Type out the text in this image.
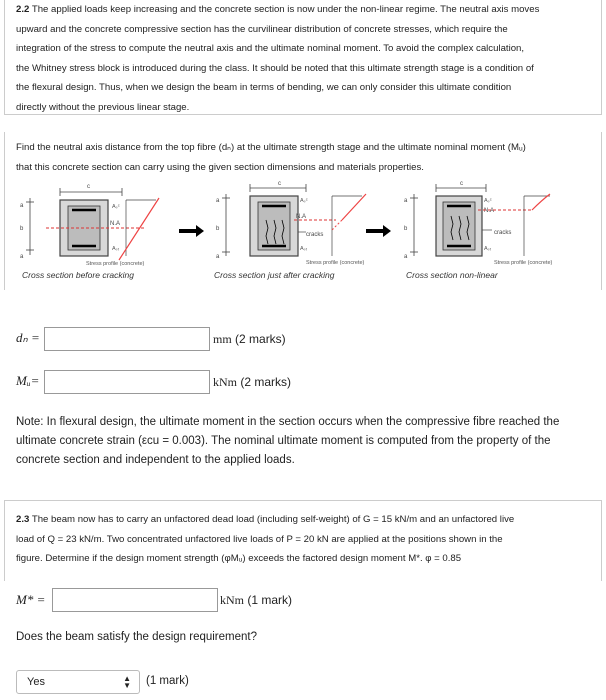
2.2 The applied loads keep increasing and the concrete section is now under the non-linear regime. The neutral axis moves
upward and the concrete compressive section has the curvilinear distribution of concrete stresses, which require the
integration of the stress to compute the neutral axis and the ultimate nominal moment. To avoid the complex calculation,
the Whitney stress block is introduced during the class. It should be noted that this ultimate strength stage is a condition of
the flexural design. Thus, when we design the beam in terms of bending, we can only consider this ultimate condition
directly without the previous linear stage.
Find the neutral axis distance from the top fibre (dₙ) at the ultimate strength stage and the ultimate nominal moment (Mᵤ)
that this concrete section can carry using the given section dimensions and materials properties.
c
a
b
a
Aₛᶜ
Aₛₜ
N.A
Stress profile (concrete)
Cross section before cracking
c
a
b
a
Aₛᶜ
Aₛₜ
N.A
cracks
Stress profile (concrete)
Cross section just after cracking
c
a
b
a
Aₛᶜ
Aₛₜ
N.A
cracks
Stress profile (concrete)
Cross section non-linear
dₙ =	mm (2 marks)
Mᵤ=	kNm (2 marks)
Note: In flexural design, the ultimate moment in the section occurs when the compressive fibre reached the
ultimate concrete strain (εcu = 0.003). The nominal ultimate moment is computed from the property of the
concrete section and independent to the applied loads.
2.3 The beam now has to carry an unfactored dead load (including self-weight) of G = 15 kN/m and an unfactored live
load of Q = 23 kN/m. Two concentrated unfactored live loads of P = 20 kN are applied at the positions shown in the
figure. Determine if the design moment strength (φMᵤ) exceeds the factored design moment M*. φ = 0.85
M* =	kNm (1 mark)
Does the beam satisfy the design requirement?
Yes	▲
▼ (1 mark)
